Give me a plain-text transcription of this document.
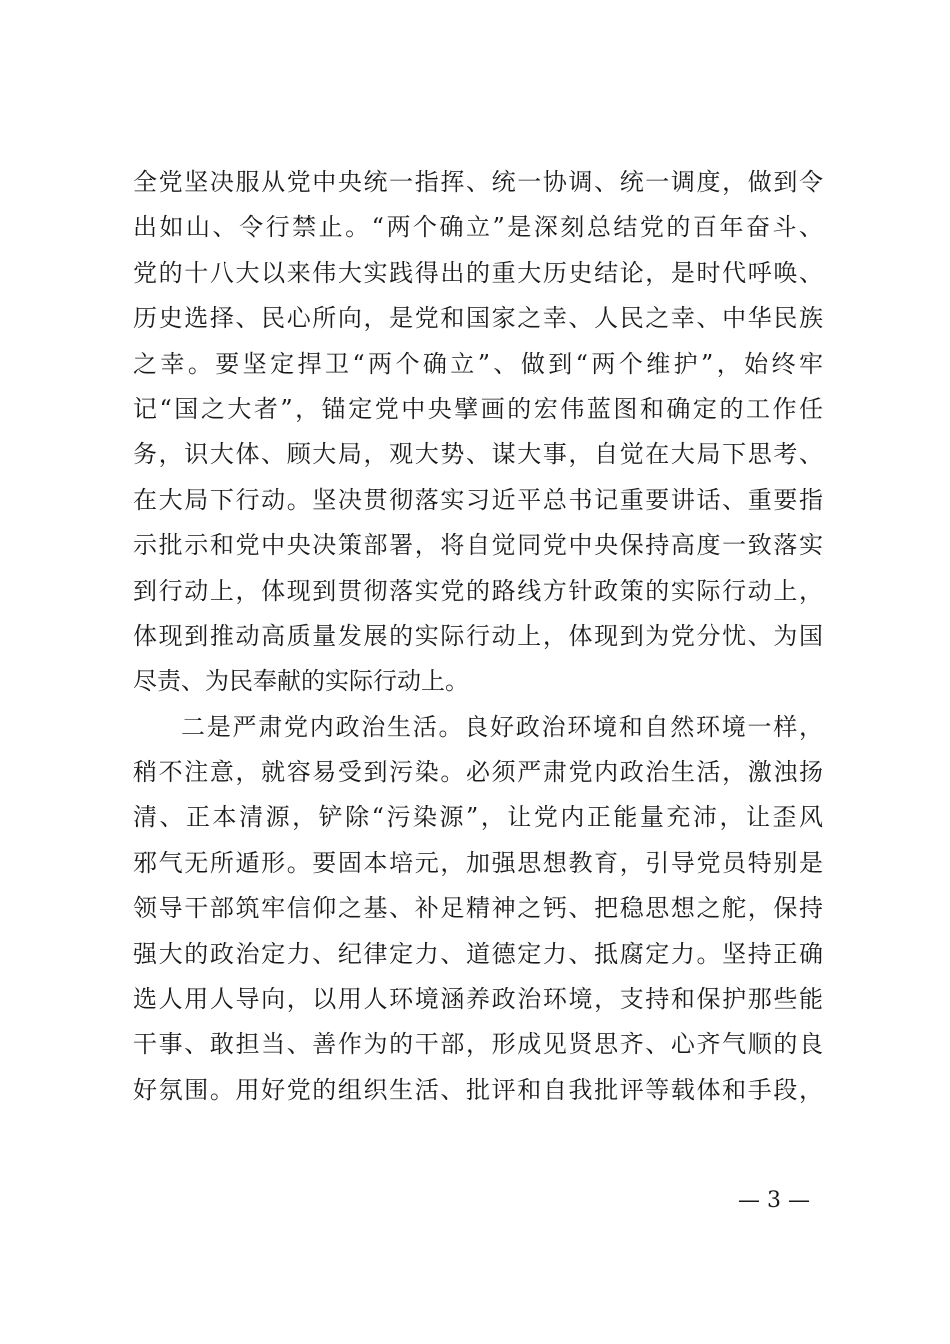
全党坚决服从党中央统一指挥、统一协调、统一调度，做到令
出如山、令行禁止。“两个确立”是深刻总结党的百年奋斗、
党的十八大以来伟大实践得出的重大历史结论，是时代呼唤、
历史选择、民心所向，是党和国家之幸、人民之幸、中华民族
之幸。要坚定捍卫“两个确立”、做到“两个维护”，始终牢
记“国之大者”，锚定党中央擘画的宏伟蓝图和确定的工作任
务，识大体、顾大局，观大势、谋大事，自觉在大局下思考、
在大局下行动。坚决贯彻落实习近平总书记重要讲话、重要指
示批示和党中央决策部署，将自觉同党中央保持高度一致落实
到行动上，体现到贯彻落实党的路线方针政策的实际行动上，
体现到推动高质量发展的实际行动上，体现到为党分忧、为国
尽责、为民奉献的实际行动上。
二是严肃党内政治生活。良好政治环境和自然环境一样，
稍不注意，就容易受到污染。必须严肃党内政治生活，激浊扬
清、正本清源，铲除“污染源”，让党内正能量充沛，让歪风
邪气无所遁形。要固本培元，加强思想教育，引导党员特别是
领导干部筑牢信仰之基、补足精神之钙、把稳思想之舵，保持
强大的政治定力、纪律定力、道德定力、抵腐定力。坚持正确
选人用人导向，以用人环境涵养政治环境，支持和保护那些能
干事、敢担当、善作为的干部，形成见贤思齐、心齐气顺的良
好氛围。用好党的组织生活、批评和自我批评等载体和手段，
— 3 —
